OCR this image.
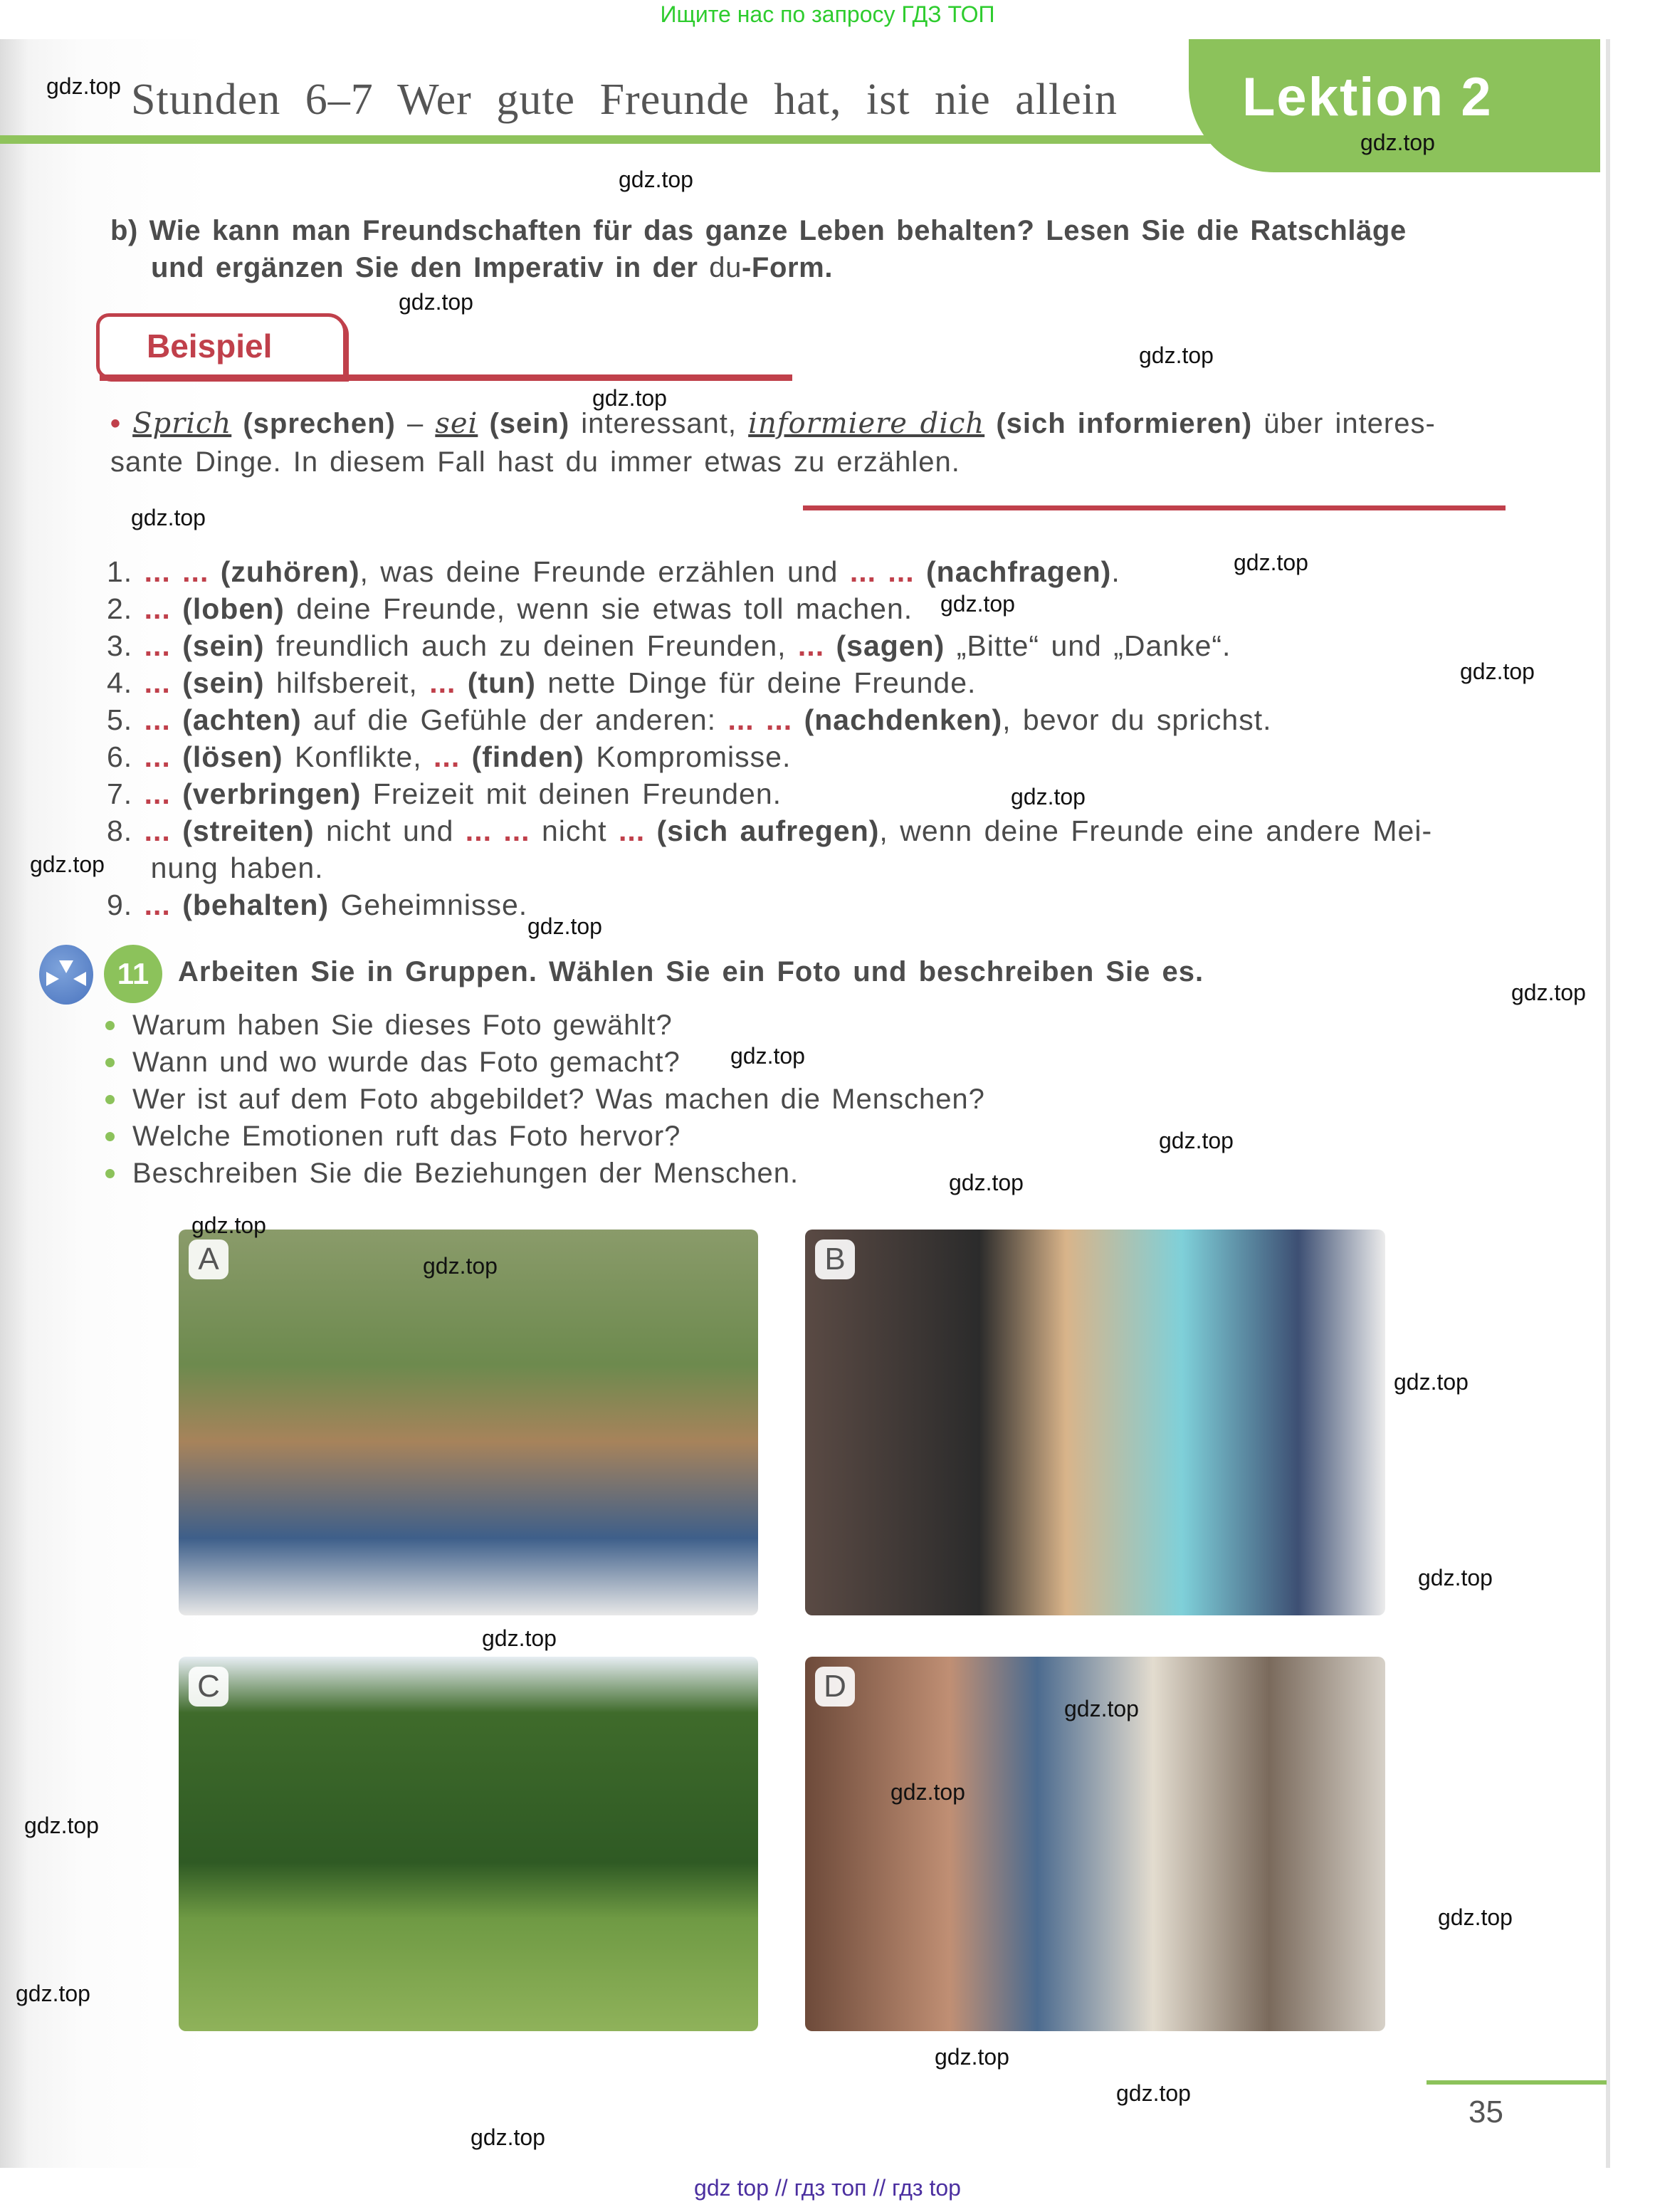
Ищите нас по запросу ГДЗ ТОП
Stunden 6–7 Wer gute Freunde hat, ist nie allein Lektion 2
b) Wie kann man Freundschaften für das ganze Leben behalten? Lesen Sie die Ratschläge
und ergänzen Sie den Imperativ in der du-Form.
Beispiel
• Sprich (sprechen) – sei (sein) interessant, informiere dich (sich informieren) über interes-
sante Dinge. In diesem Fall hast du immer etwas zu erzählen.
1. ... ... (zuhören), was deine Freunde erzählen und ... ... (nachfragen).
2. ... (loben) deine Freunde, wenn sie etwas toll machen.
3. ... (sein) freundlich auch zu deinen Freunden, ... (sagen) „Bitte“ und „Danke“.
4. ... (sein) hilfsbereit, ... (tun) nette Dinge für deine Freunde.
5. ... (achten) auf die Gefühle der anderen: ... ... (nachdenken), bevor du sprichst.
6. ... (lösen) Konflikte, ... (finden) Kompromisse.
7. ... (verbringen) Freizeit mit deinen Freunden.
8. ... (streiten) nicht und ... ... nicht ... (sich aufregen), wenn deine Freunde eine andere Mei-
nung haben.
9. ... (behalten) Geheimnisse.
11	Arbeiten Sie in Gruppen. Wählen Sie ein Foto und beschreiben Sie es.
Warum haben Sie dieses Foto gewählt?
Wann und wo wurde das Foto gemacht?
Wer ist auf dem Foto abgebildet? Was machen die Menschen?
Welche Emotionen ruft das Foto hervor?
Beschreiben Sie die Beziehungen der Menschen.
A	B
C	D
35
gdz.top
gdz.top
gdz.top
gdz.top
gdz.top
gdz.top
gdz.top
gdz.top
gdz.top
gdz.top
gdz.top
gdz.top
gdz.top
gdz.top
gdz.top
gdz.top
gdz.top
gdz.top
gdz.top
gdz.top
gdz.top
gdz.top
gdz.top
gdz.top
gdz.top
gdz.top
gdz.top
gdz.top
gdz.top
gdz.top
gdz top // гдз топ // гдз top
